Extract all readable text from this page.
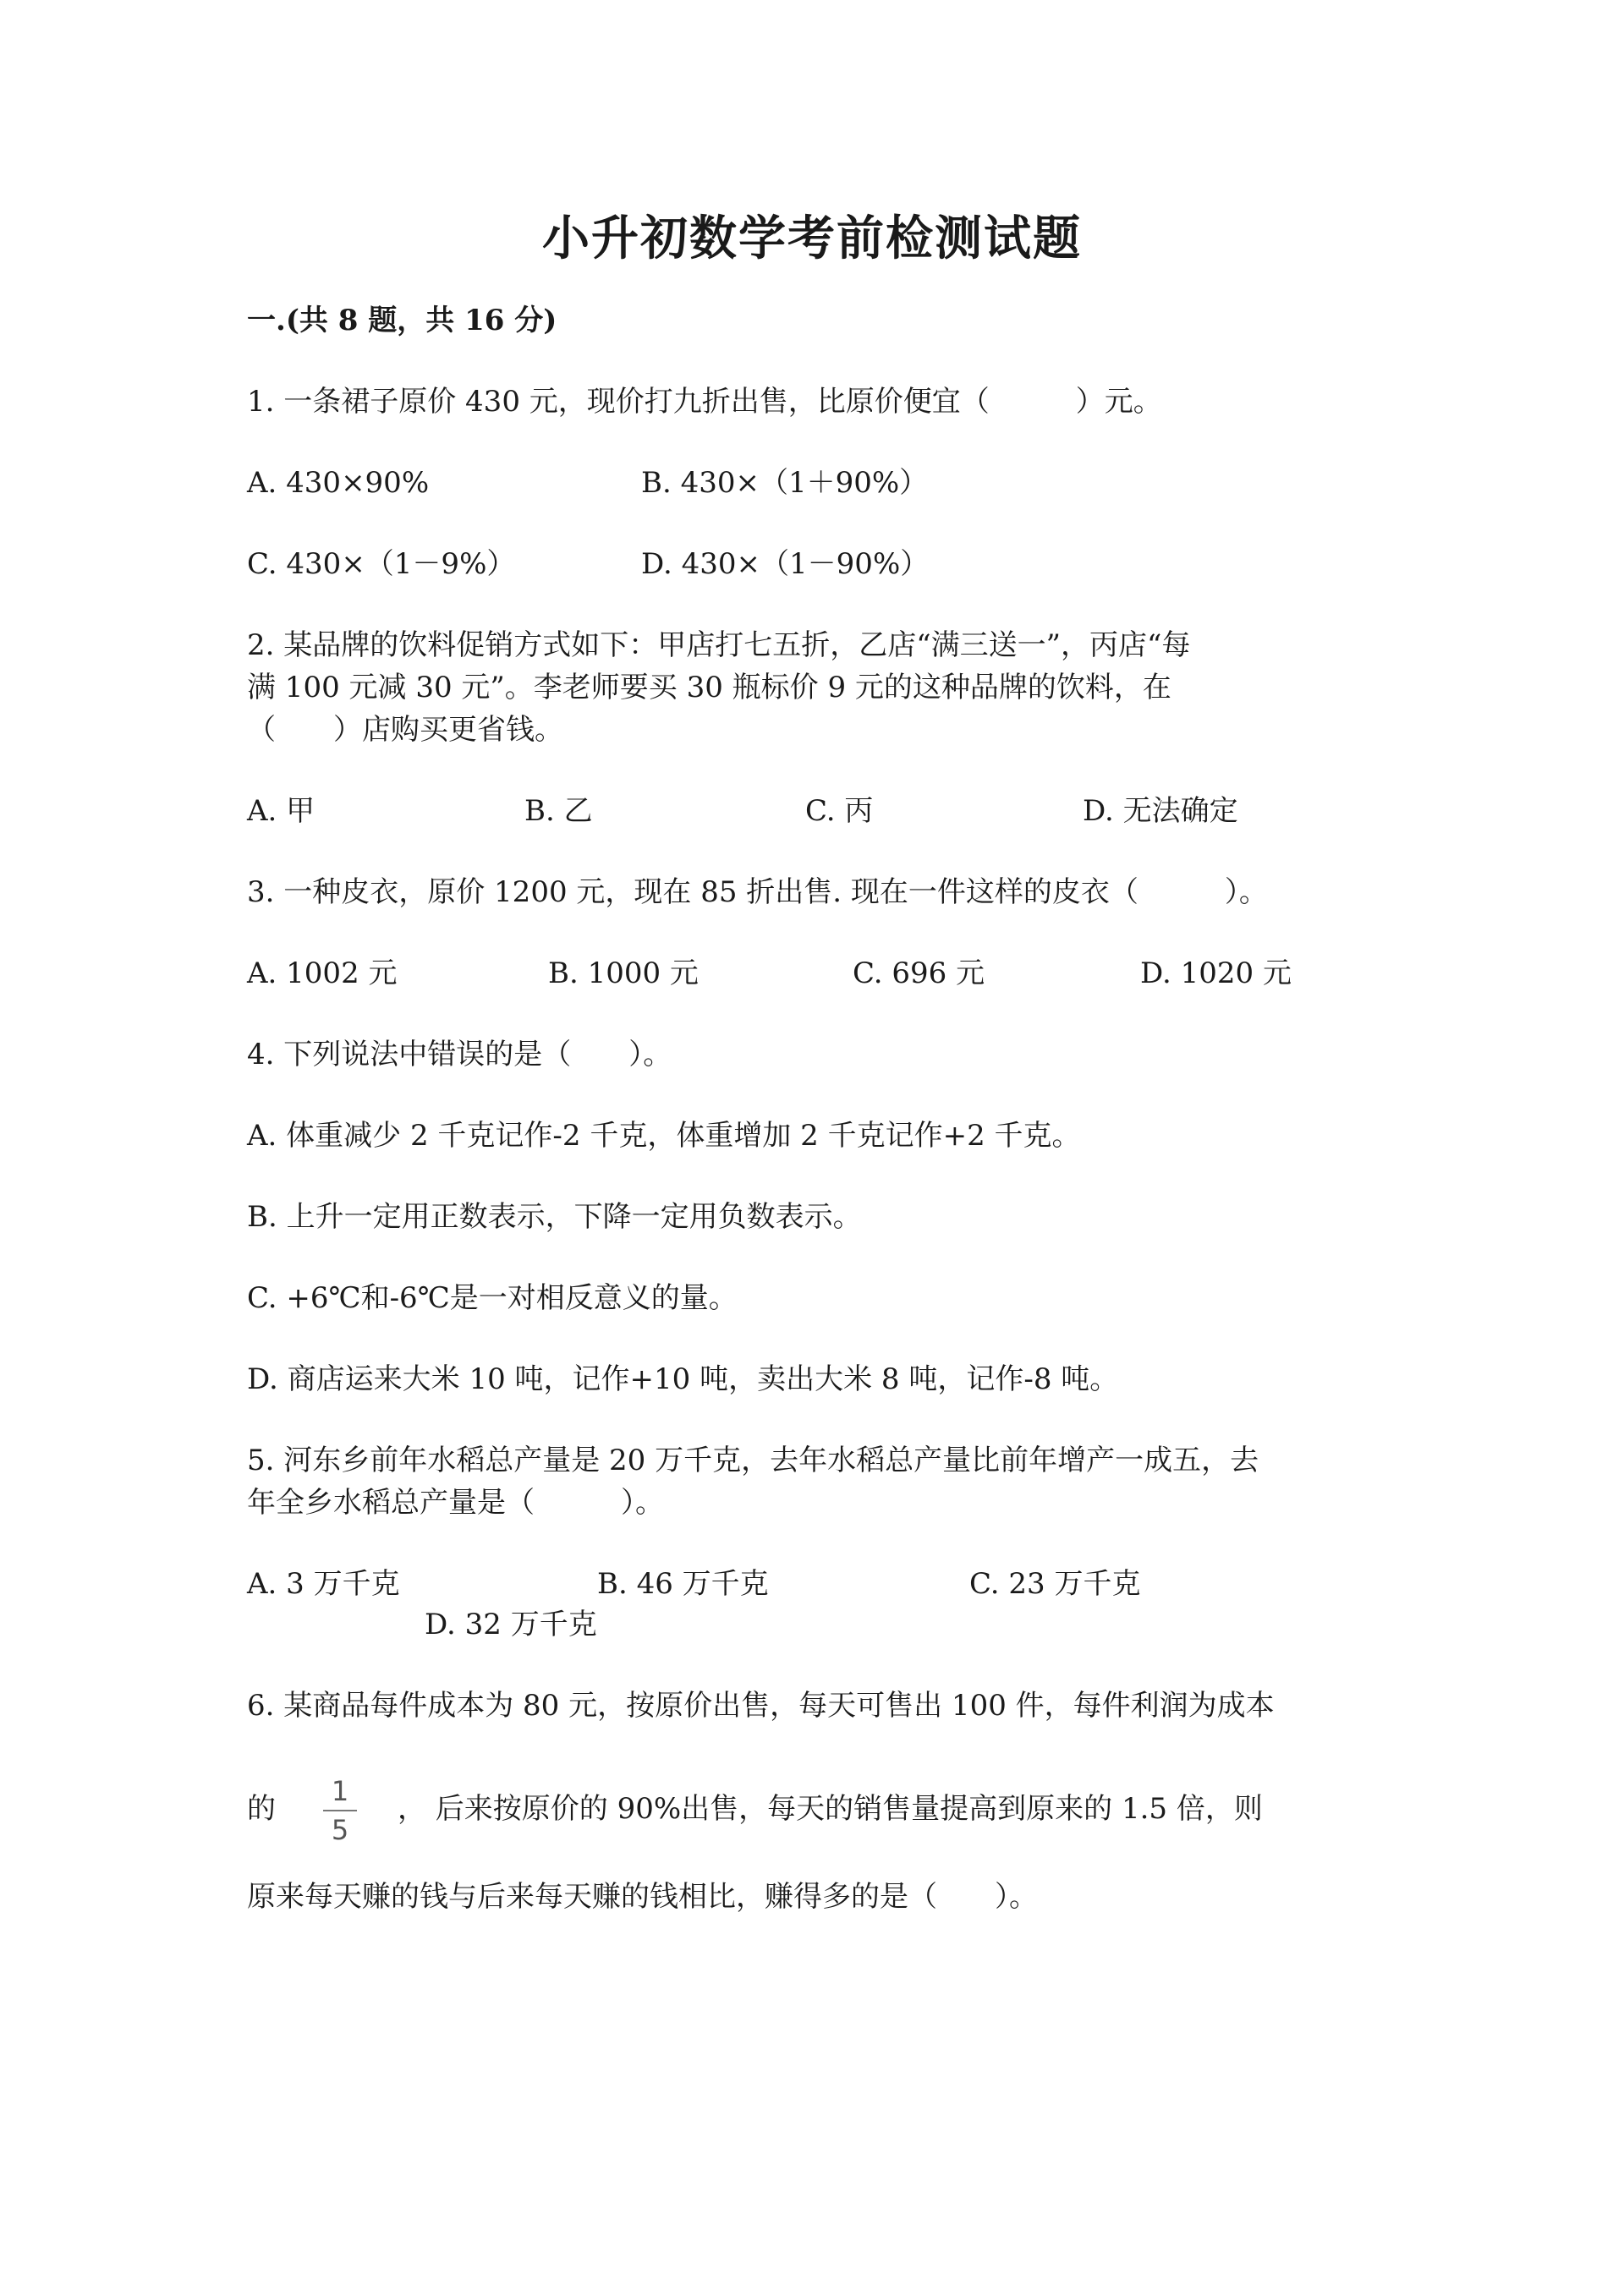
小升初数学考前检测试题
一.(共 8 题，共 16 分)
1. 一条裙子原价 430 元，现价打九折出售，比原价便宜（　　　）元。
A. 430×90%	B. 430×（1＋90%）
C. 430×（1－9%）	D. 430×（1－90%）
2. 某品牌的饮料促销方式如下：甲店打七五折，乙店“满三送一”，丙店“每
满 100 元减 30 元”。李老师要买 30 瓶标价 9 元的这种品牌的饮料，在
（　　）店购买更省钱。
A. 甲	B. 乙	C. 丙	D. 无法确定
3. 一种皮衣，原价 1200 元，现在 85 折出售. 现在一件这样的皮衣（　　　）。
A. 1002 元	B. 1000 元	C. 696 元	D. 1020 元
4. 下列说法中错误的是（　　）。
A. 体重减少 2 千克记作-2 千克，体重增加 2 千克记作+2 千克。
B. 上升一定用正数表示，下降一定用负数表示。
C. +6℃和-6℃是一对相反意义的量。
D. 商店运来大米 10 吨，记作+10 吨，卖出大米 8 吨，记作-8 吨。
5. 河东乡前年水稻总产量是 20 万千克，去年水稻总产量比前年增产一成五，去
年全乡水稻总产量是（　　　）。
A. 3 万千克	B. 46 万千克	C. 23 万千克
D. 32 万千克
6. 某商品每件成本为 80 元，按原价出售，每天可售出 100 件，每件利润为成本
的
1
5
， 后来按原价的 90%出售，每天的销售量提高到原来的 1.5 倍，则
原来每天赚的钱与后来每天赚的钱相比，赚得多的是（　　）。
